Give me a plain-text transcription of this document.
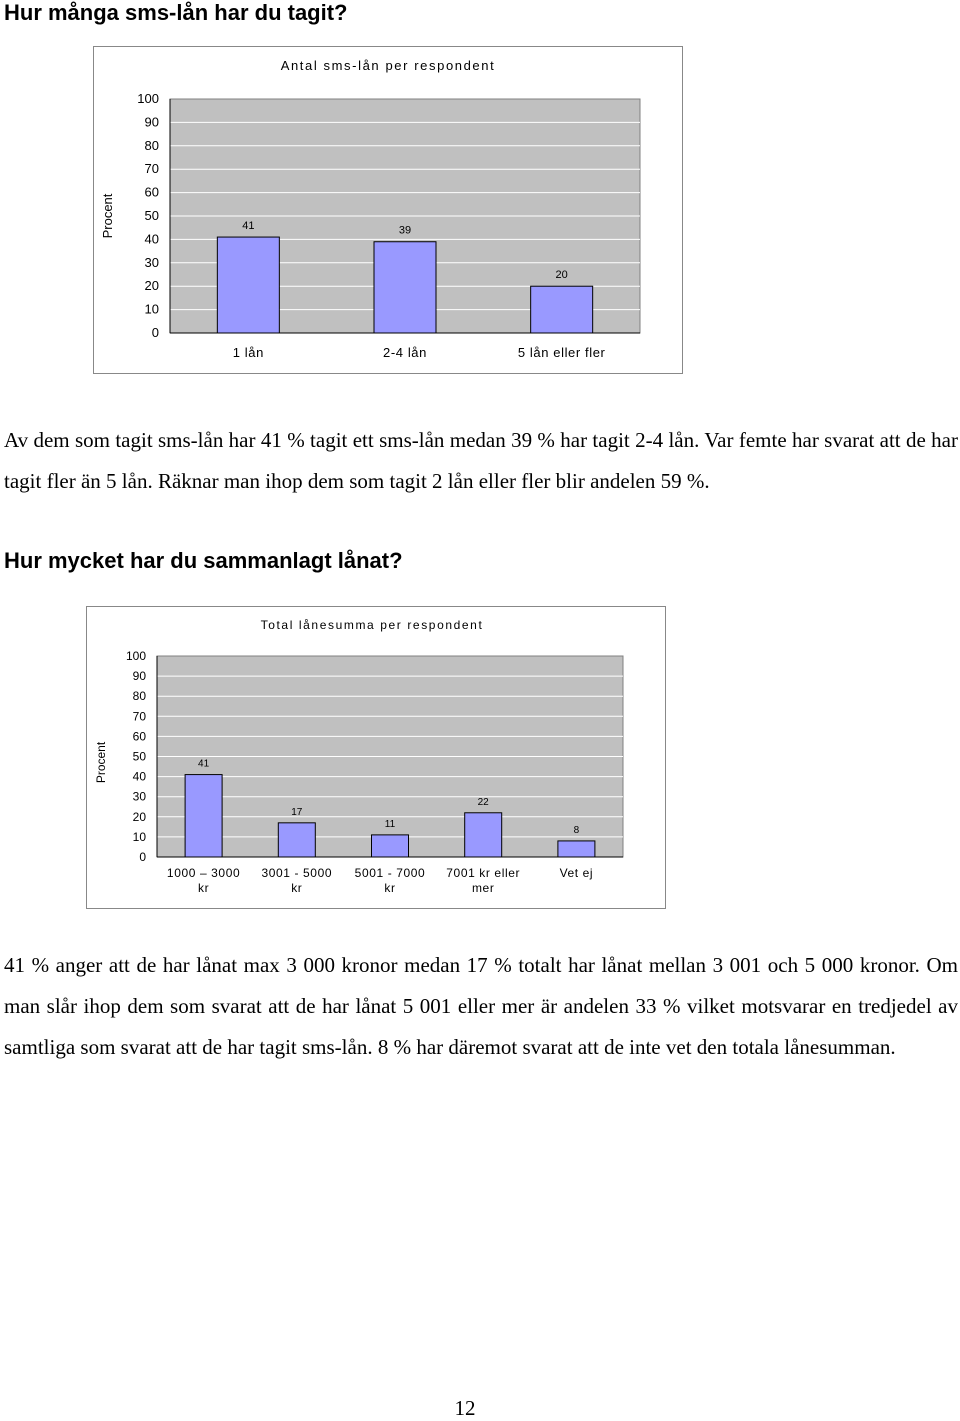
Hur många sms-lån har du tagit?
Antal sms-lån per respondent
Procent
100
90
80
70
60
50
40
30
20
10
0
41
1 lån
39
2-4 lån
20
5 lån eller fler

Av dem som tagit sms-lån har 41 % tagit ett sms-lån medan 39 % har tagit 2-4 lån. Var femte har svarat att de har tagit fler än 5 lån. Räknar man ihop dem som tagit 2 lån eller fler blir andelen 59 %.

Hur mycket har du sammanlagt lånat?
Total lånesumma per respondent
Procent
100
90
80
70
60
50
40
30
20
10
0
41
1000 – 3000
kr
17
3001 - 5000
kr
11
5001 - 7000
kr
22
7001 kr eller
mer
8
Vet ej

41 % anger att de har lånat max 3 000 kronor medan 17 % totalt har lånat mellan 3 001 och 5 000 kronor. Om man slår ihop dem som svarat att de har lånat 5 001 eller mer är andelen 33 % vilket motsvarar en tredjedel av samtliga som svarat att de har tagit sms-lån. 8 % har däremot svarat att de inte vet den totala lånesumman.

12
